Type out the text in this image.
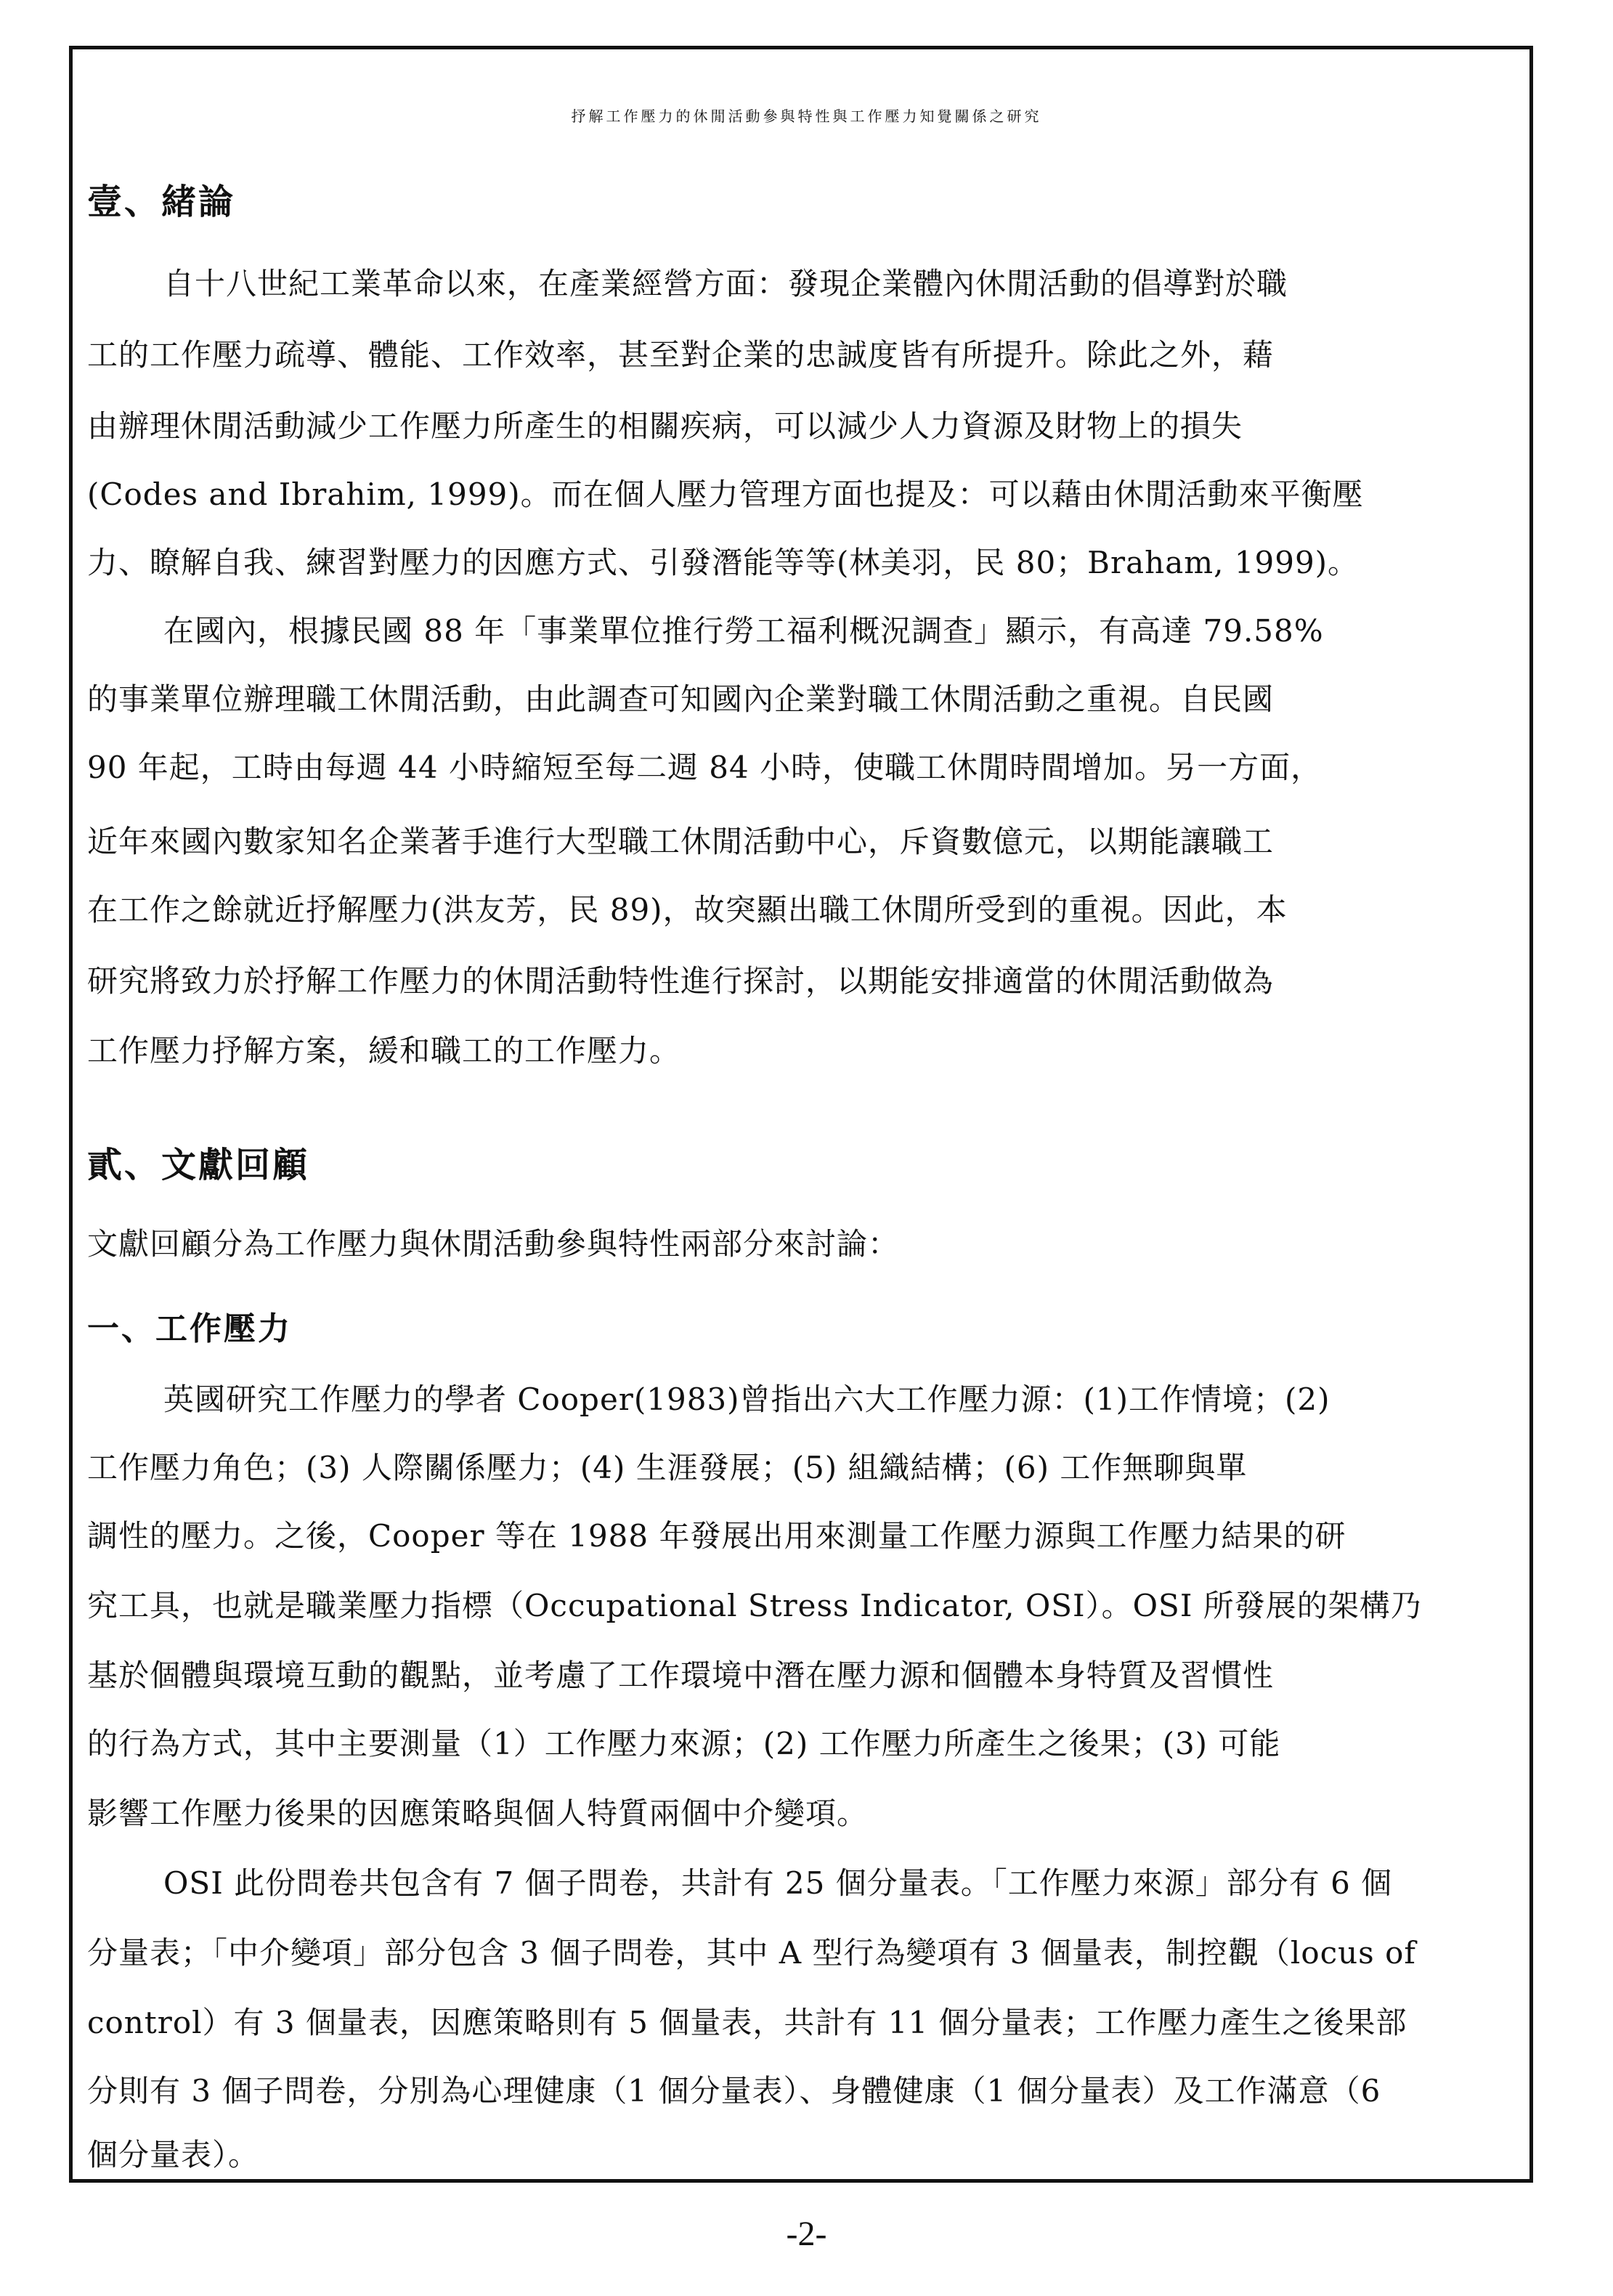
抒解工作壓力的休閒活動參與特性與工作壓力知覺關係之研究
壹、緒論
自十八世紀工業革命以來，在產業經營方面：發現企業體內休閒活動的倡導對於職
工的工作壓力疏導、體能、工作效率，甚至對企業的忠誠度皆有所提升。除此之外，藉
由辦理休閒活動減少工作壓力所產生的相關疾病，可以減少人力資源及財物上的損失
(Codes and Ibrahim, 1999)。而在個人壓力管理方面也提及：可以藉由休閒活動來平衡壓
力、瞭解自我、練習對壓力的因應方式、引發潛能等等(林美羽，民 80；Braham, 1999)。
在國內，根據民國 88 年「事業單位推行勞工福利概況調查」顯示，有高達 79.58%
的事業單位辦理職工休閒活動，由此調查可知國內企業對職工休閒活動之重視。自民國
90 年起，工時由每週 44 小時縮短至每二週 84 小時，使職工休閒時間增加。另一方面，
近年來國內數家知名企業著手進行大型職工休閒活動中心，斥資數億元，以期能讓職工
在工作之餘就近抒解壓力(洪友芳，民 89)，故突顯出職工休閒所受到的重視。因此，本
研究將致力於抒解工作壓力的休閒活動特性進行探討，以期能安排適當的休閒活動做為
工作壓力抒解方案，緩和職工的工作壓力。
貳、文獻回顧
文獻回顧分為工作壓力與休閒活動參與特性兩部分來討論：
一、工作壓力
英國研究工作壓力的學者 Cooper(1983)曾指出六大工作壓力源：(1)工作情境；(2)
工作壓力角色；(3) 人際關係壓力；(4) 生涯發展；(5) 組織結構；(6) 工作無聊與單
調性的壓力。之後，Cooper 等在 1988 年發展出用來測量工作壓力源與工作壓力結果的研
究工具，也就是職業壓力指標（Occupational Stress Indicator, OSI）。OSI 所發展的架構乃
基於個體與環境互動的觀點，並考慮了工作環境中潛在壓力源和個體本身特質及習慣性
的行為方式，其中主要測量（1）工作壓力來源；(2) 工作壓力所產生之後果；(3) 可能
影響工作壓力後果的因應策略與個人特質兩個中介變項。
OSI 此份問卷共包含有 7 個子問卷，共計有 25 個分量表。「工作壓力來源」部分有 6 個
分量表；「中介變項」部分包含 3 個子問卷，其中 A 型行為變項有 3 個量表，制控觀（locus of
control）有 3 個量表，因應策略則有 5 個量表，共計有 11 個分量表；工作壓力產生之後果部
分則有 3 個子問卷，分別為心理健康（1 個分量表）、身體健康（1 個分量表）及工作滿意（6
個分量表）。
-2-
